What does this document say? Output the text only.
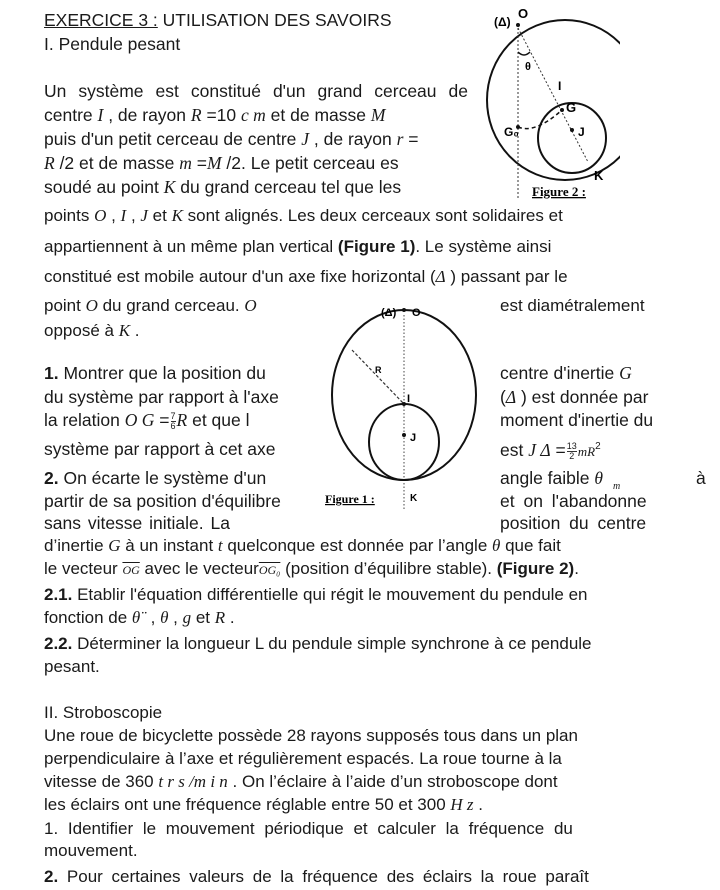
EXERCICE 3 : UTILISATION DES SAVOIRS
I. Pendule pesant
Un système est constitué d'un grand cerceau de
centre I , de rayon R =10 c m et de masse M
puis d'un petit cerceau de centre J , de rayon r =
R /2 et de masse m =M /2. Le petit cerceau es
soudé au point K du grand cerceau tel que les
points O , I , J et K sont alignés. Les deux cerceaux sont solidaires et
appartiennent à un même plan vertical (Figure 1). Le système ainsi
constitué est mobile autour d'un axe fixe horizontal (Δ ) passant par le
point O du grand cerceau. O	est diamétralement
opposé à K .
1. Montrer que la position du
du système par rapport à l'axe
la relation O $G = \frac{7}{6}$ R et que l
système par rapport à cet axe
centre d'inertie G
(Δ ) est donnée par
moment d'inertie du
est J $\Delta = \frac{13}{2} mR^2$
2. On écarte le système d'un
partir de sa position d'équilibre
sans vitesse initiale. La
angle faible θ $_m$	à
et on l'abandonne
position du centre
d’inertie G à un instant t quelconque est donnée par l’angle θ que fait
le vecteur $\overline{OG}$ avec le vecteurOG₀ (position d’équilibre stable). (Figure 2).
2.1. Etablir l'équation différentielle qui régit le mouvement du pendule en
fonction de θ¨ , θ , g et R .
2.2. Déterminer la longueur L du pendule simple synchrone à ce pendule
pesant.
II. Stroboscopie
Une roue de bicyclette possède 28 rayons supposés tous dans un plan
perpendiculaire à l’axe et régulièrement espacés. La roue tourne à la
vitesse de 360 t r s /m i n . On l’éclaire à l’aide d’un stroboscope dont
les éclairs ont une fréquence réglable entre 50 et 300 H z .
1. Identifier le mouvement périodique et calculer la fréquence du
mouvement.
2. Pour certaines valeurs de la fréquence des éclairs la roue paraît
(Δ)
O
θ
I
G
G₀	J
K
Figure 2 :
(Δ) O
R
I
J
K
Figure 1 :
